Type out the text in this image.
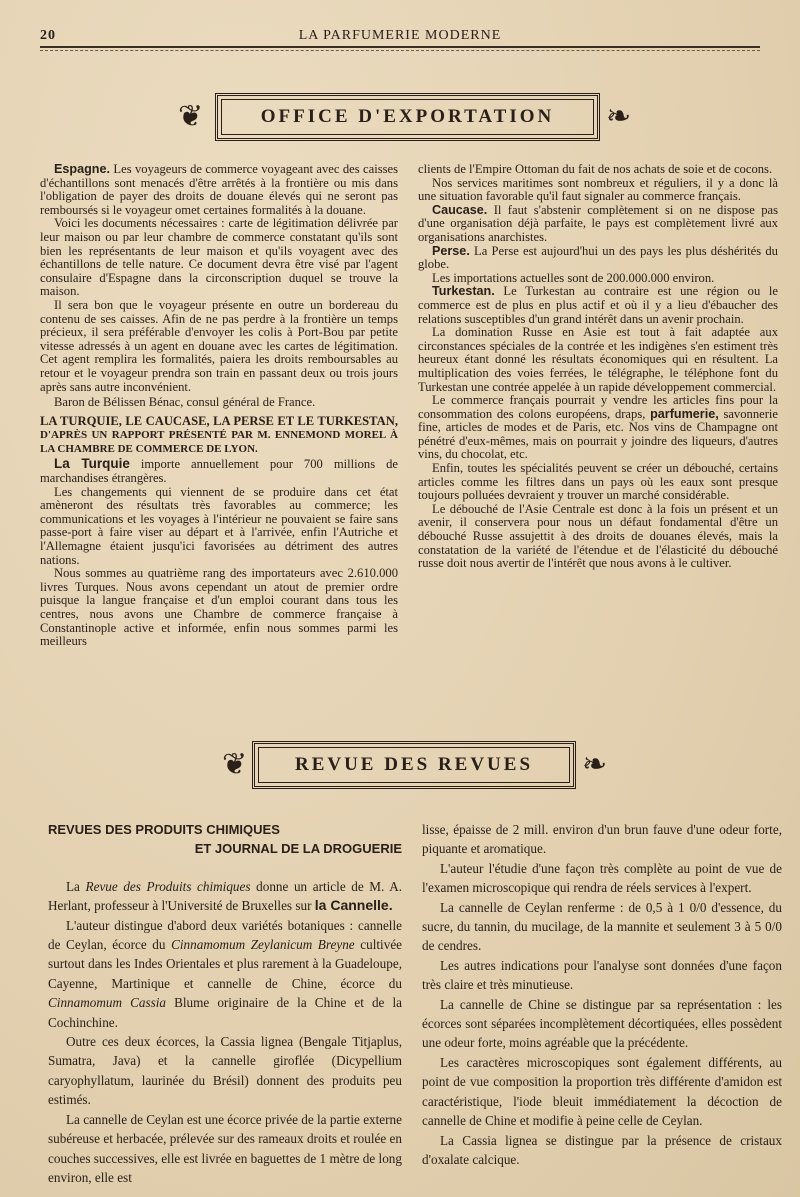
20	LA PARFUMERIE MODERNE
❦	OFFICE D'EXPORTATION	❧

Espagne. Les voyageurs de commerce voyageant avec des caisses d'échantillons sont menacés d'être arrêtés à la frontière ou mis dans l'obligation de payer des droits de douane élevés qui ne seront pas remboursés si le voyageur omet certaines formalités à la douane.

Voici les documents nécessaires : carte de légitimation délivrée par leur maison ou par leur chambre de commerce constatant qu'ils sont bien les représentants de leur maison et qu'ils voyagent avec des échantillons de telle nature. Ce document devra être visé par l'agent consulaire d'Espagne dans la circonscription duquel se trouve la maison.

Il sera bon que le voyageur présente en outre un bordereau du contenu de ses caisses. Afin de ne pas perdre à la frontière un temps précieux, il sera préférable d'envoyer les colis à Port-Bou par petite vitesse adressés à un agent en douane avec les cartes de légitimation. Cet agent remplira les formalités, paiera les droits remboursables au retour et le voyageur prendra son train en passant deux ou trois jours après sans autre inconvénient.

Baron de Bélissen Bénac, consul général de France.

LA TURQUIE, LE CAUCASE, LA PERSE ET LE TURKESTAN, D'APRÈS UN RAPPORT PRÉSENTÉ PAR M. ENNEMOND MOREL À LA CHAMBRE DE COMMERCE DE LYON.

La Turquie importe annuellement pour 700 millions de marchandises étrangères.

Les changements qui viennent de se produire dans cet état amèneront des résultats très favorables au commerce; les communications et les voyages à l'intérieur ne pouvaient se faire sans passe-port à faire viser au départ et à l'arrivée, enfin l'Autriche et l'Allemagne étaient jusqu'ici favorisées au détriment des autres nations.

Nous sommes au quatrième rang des importateurs avec 2.610.000 livres Turques. Nous avons cependant un atout de premier ordre puisque la langue française et d'un emploi courant dans tous les centres, nous avons une Chambre de commerce française à Constantinople active et informée, enfin nous sommes parmi les meilleurs

clients de l'Empire Ottoman du fait de nos achats de soie et de cocons.

Nos services maritimes sont nombreux et réguliers, il y a donc là une situation favorable qu'il faut signaler au commerce français.

Caucase. Il faut s'abstenir complètement si on ne dispose pas d'une organisation déjà parfaite, le pays est complètement livré aux organisations anarchistes.

Perse. La Perse est aujourd'hui un des pays les plus déshérités du globe.

Les importations actuelles sont de 200.000.000 environ.

Turkestan. Le Turkestan au contraire est une région ou le commerce est de plus en plus actif et où il y a lieu d'ébaucher des relations susceptibles d'un grand intérêt dans un avenir prochain.

La domination Russe en Asie est tout à fait adaptée aux circonstances spéciales de la contrée et les indigènes s'en estiment très heureux étant donné les résultats économiques qui en résultent. La multiplication des voies ferrées, le télégraphe, le téléphone font du Turkestan une contrée appelée à un rapide développement commercial.

Le commerce français pourrait y vendre les articles fins pour la consommation des colons européens, draps, parfumerie, savonnerie fine, articles de modes et de Paris, etc. Nos vins de Champagne ont pénétré d'eux-mêmes, mais on pourrait y joindre des liqueurs, d'autres vins, du chocolat, etc.

Enfin, toutes les spécialités peuvent se créer un débouché, certains articles comme les filtres dans un pays où les eaux sont presque toujours polluées devraient y trouver un marché considérable.

Le débouché de l'Asie Centrale est donc à la fois un présent et un avenir, il conservera pour nous un défaut fondamental d'être un débouché Russe assujettit à des droits de douanes élevés, mais la constatation de la variété de l'étendue et de l'élasticité du débouché russe doit nous avertir de l'intérêt que nous avons à le cultiver.

❦	REVUE DES REVUES	❧
REVUES DES PRODUITS CHIMIQUES
ET JOURNAL DE LA DROGUERIE

La Revue des Produits chimiques donne un article de M. A. Herlant, professeur à l'Université de Bruxelles sur la Cannelle.

L'auteur distingue d'abord deux variétés botaniques : cannelle de Ceylan, écorce du Cinnamomum Zeylanicum Breyne cultivée surtout dans les Indes Orientales et plus rarement à la Guadeloupe, Cayenne, Martinique et cannelle de Chine, écorce du Cinnamomum Cassia Blume originaire de la Chine et de la Cochinchine.

Outre ces deux écorces, la Cassia lignea (Bengale Titjaplus, Sumatra, Java) et la cannelle giroflée (Dicypellium caryophyllatum, laurinée du Brésil) donnent des produits peu estimés.

La cannelle de Ceylan est une écorce privée de la partie externe subéreuse et herbacée, prélevée sur des rameaux droits et roulée en couches successives, elle est livrée en baguettes de 1 mètre de long environ, elle est

lisse, épaisse de 2 mill. environ d'un brun fauve d'une odeur forte, piquante et aromatique.

L'auteur l'étudie d'une façon très complète au point de vue de l'examen microscopique qui rendra de réels services à l'expert.

La cannelle de Ceylan renferme : de 0,5 à 1 0/0 d'essence, du sucre, du tannin, du mucilage, de la mannite et seulement 3 à 5 0/0 de cendres.

Les autres indications pour l'analyse sont données d'une façon très claire et très minutieuse.

La cannelle de Chine se distingue par sa représentation : les écorces sont séparées incomplètement décortiquées, elles possèdent une odeur forte, moins agréable que la précédente.

Les caractères microscopiques sont également différents, au point de vue composition la proportion très différente d'amidon est caractéristique, l'iode bleuit immédiatement la décoction de cannelle de Chine et modifie à peine celle de Ceylan.

La Cassia lignea se distingue par la présence de cristaux d'oxalate calcique.
